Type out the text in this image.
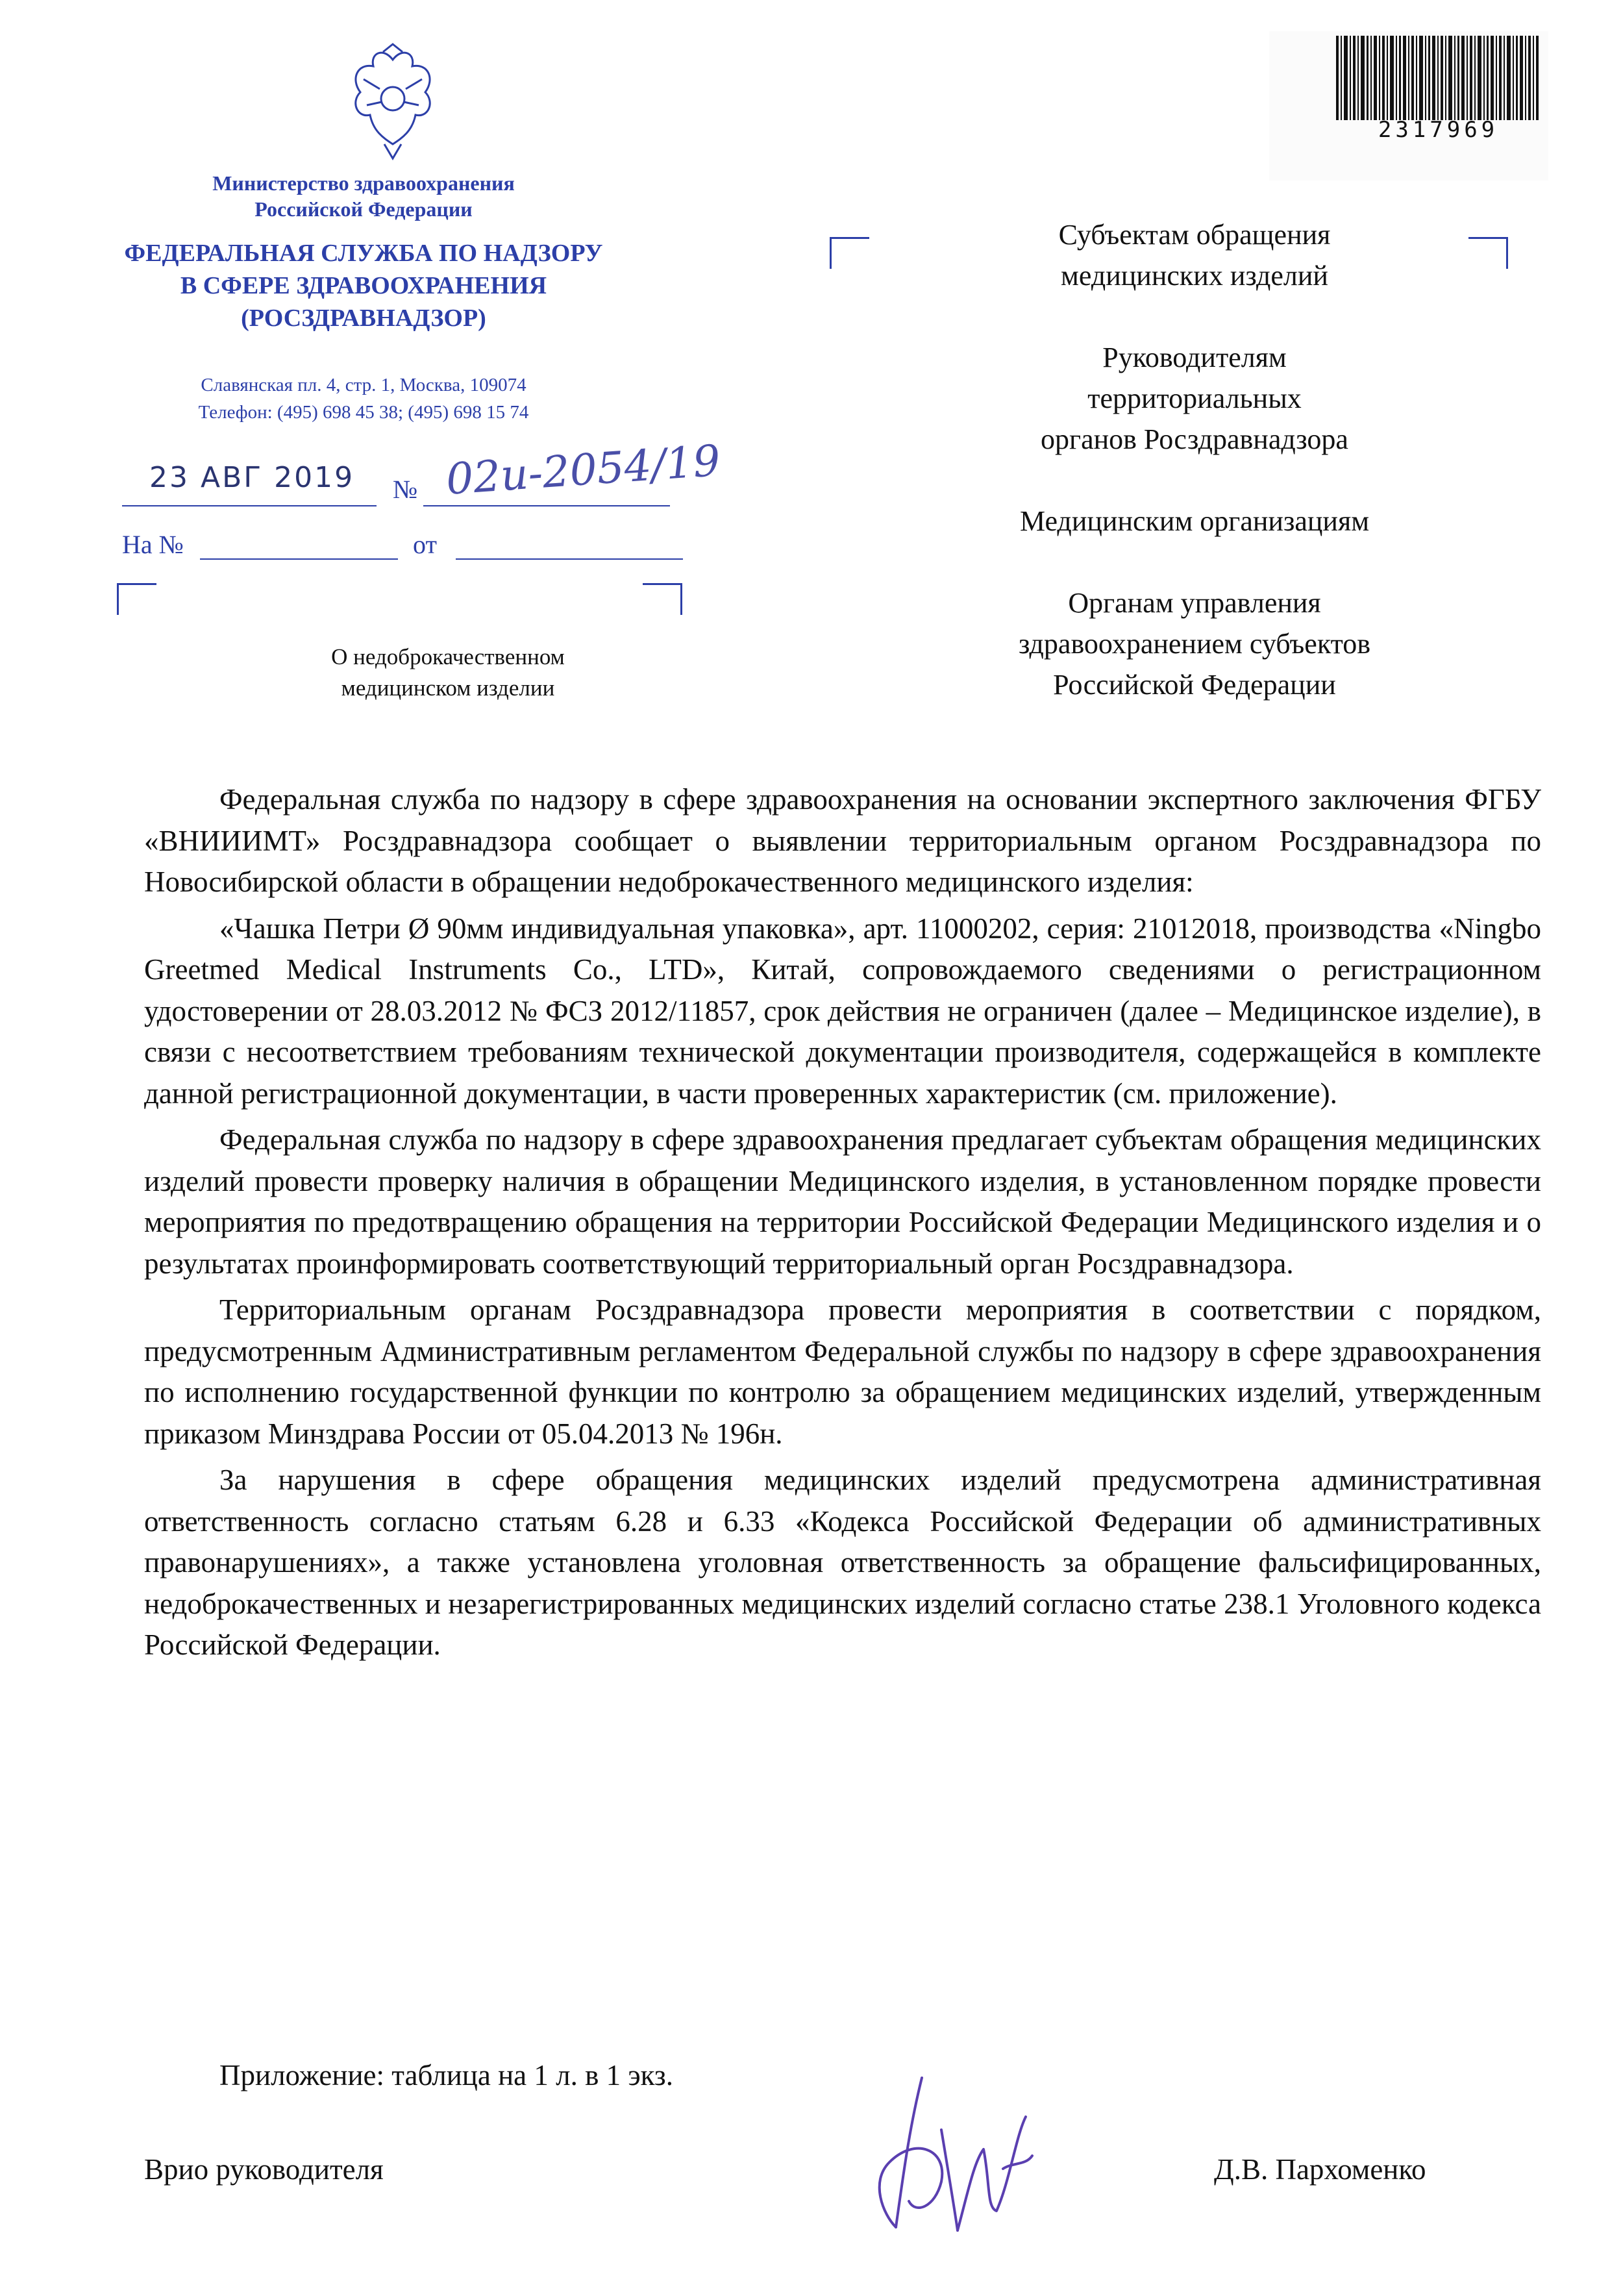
2317969
Министерство здравоохранения
Российской Федерации
ФЕДЕРАЛЬНАЯ СЛУЖБА ПО НАДЗОРУ
В СФЕРЕ ЗДРАВООХРАНЕНИЯ
(РОСЗДРАВНАДЗОР)
Славянская пл. 4, стр. 1, Москва, 109074
Телефон: (495) 698 45 38; (495) 698 15 74
23 АВГ 2019 № 02и-2054/19
На №	от
О недоброкачественном
медицинском изделии
Субъектам обращения
медицинских изделий
Руководителям
территориальных
органов Росздравнадзора
Медицинским организациям
Органам управления
здравоохранением субъектов
Российской Федерации

Федеральная служба по надзору в сфере здравоохранения на основании экспертного заключения ФГБУ «ВНИИИМТ» Росздравнадзора сообщает о выявлении территориальным органом Росздравнадзора по Новосибирской области в обращении недоброкачественного медицинского изделия:

«Чашка Петри Ø 90мм индивидуальная упаковка», арт. 11000202, серия: 21012018, производства «Ningbo Greetmed Medical Instruments Co., LTD», Китай, сопровождаемого сведениями о регистрационном удостоверении от 28.03.2012 № ФСЗ 2012/11857, срок действия не ограничен (далее – Медицинское изделие), в связи с несоответствием требованиям технической документации производителя, содержащейся в комплекте данной регистрационной документации, в части проверенных характеристик (см. приложение).

Федеральная служба по надзору в сфере здравоохранения предлагает субъектам обращения медицинских изделий провести проверку наличия в обращении Медицинского изделия, в установленном порядке провести мероприятия по предотвращению обращения на территории Российской Федерации Медицинского изделия и о результатах проинформировать соответствующий территориальный орган Росздравнадзора.

Территориальным органам Росздравнадзора провести мероприятия в соответствии с порядком, предусмотренным Административным регламентом Федеральной службы по надзору в сфере здравоохранения по исполнению государственной функции по контролю за обращением медицинских изделий, утвержденным приказом Минздрава России от 05.04.2013 № 196н.

За нарушения в сфере обращения медицинских изделий предусмотрена административная ответственность согласно статьям 6.28 и 6.33 «Кодекса Российской Федерации об административных правонарушениях», а также установлена уголовная ответственность за обращение фальсифицированных, недоброкачественных и незарегистрированных медицинских изделий согласно статье 238.1 Уголовного кодекса Российской Федерации.

Приложение: таблица на 1 л. в 1 экз.
Врио руководителя	Д.В. Пархоменко
